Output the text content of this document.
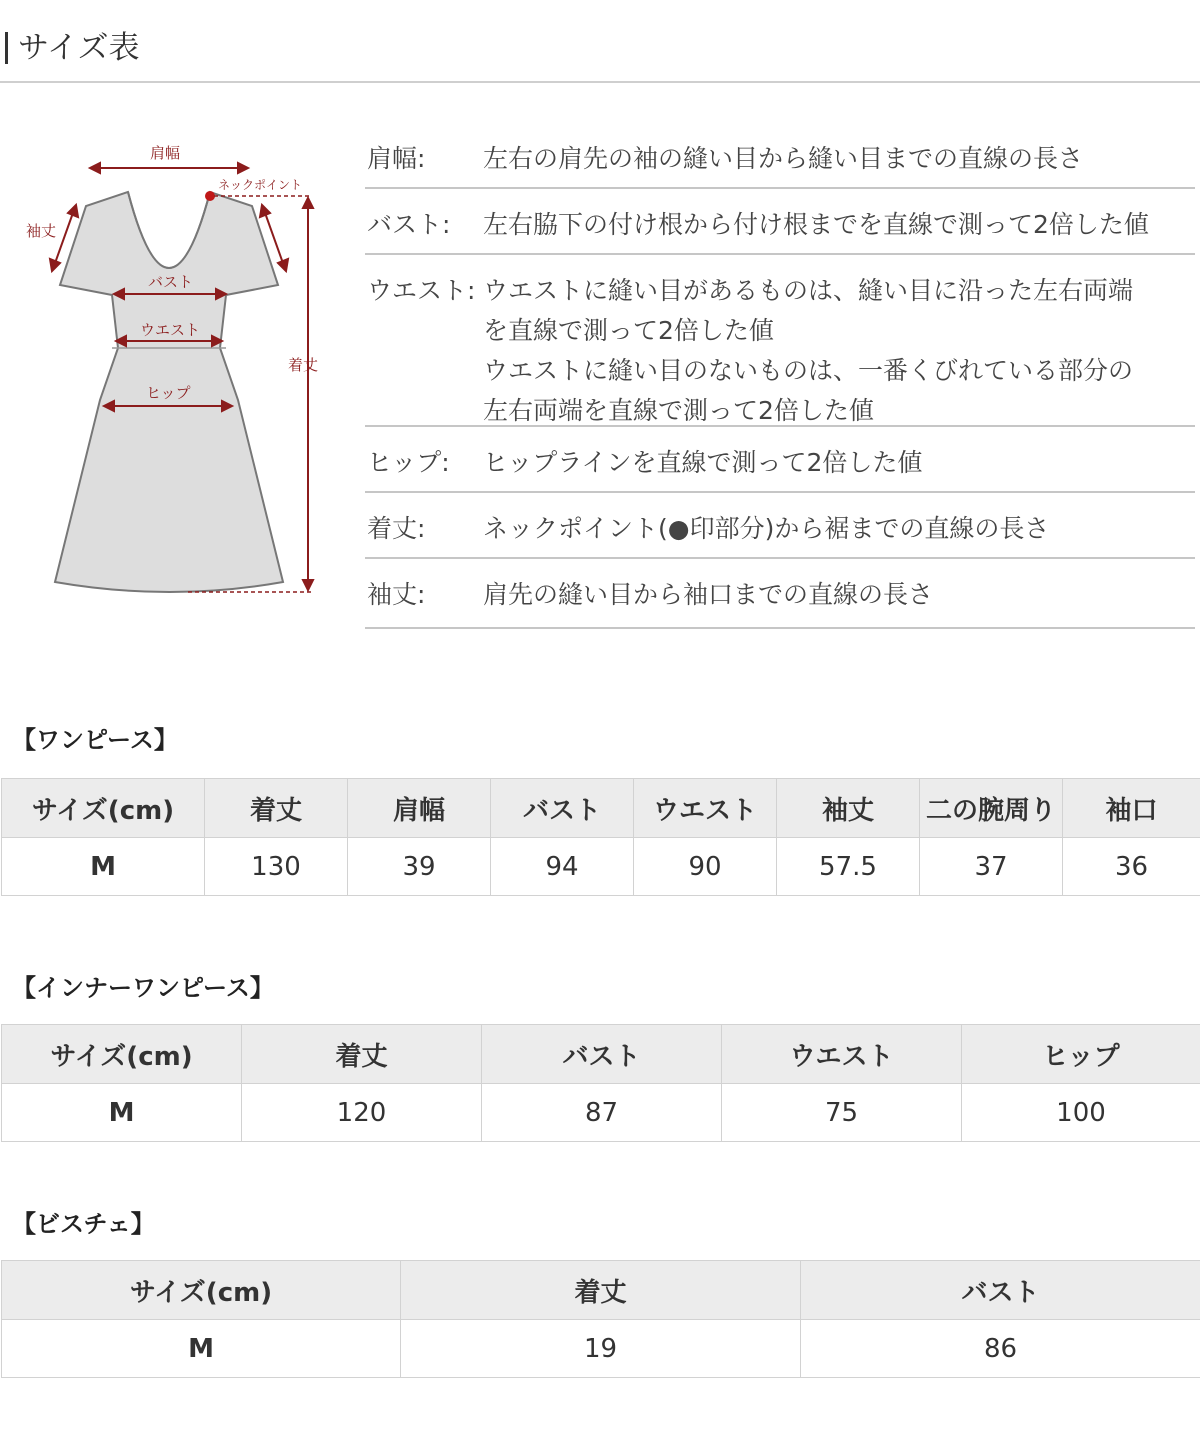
サイズ表
肩幅
ネックポイント
袖丈
バスト
ウエスト
ヒップ
着丈
肩幅: 左右の肩先の袖の縫い目から縫い目までの直線の長さ
バスト: 左右脇下の付け根から付け根までを直線で測って2倍した値
ウエスト: ウエストに縫い目があるものは、縫い目に沿った左右両端
を直線で測って2倍した値
ウエストに縫い目のないものは、一番くびれている部分の
左右両端を直線で測って2倍した値
ヒップ: ヒップラインを直線で測って2倍した値
着丈: ネックポイント(●印部分)から裾までの直線の長さ
袖丈: 肩先の縫い目から袖口までの直線の長さ
【ワンピース】
サイズ(cm)	着丈	肩幅	バスト	ウエスト	袖丈	二の腕周り	袖口
M	130	39	94	90	57.5	37	36
【インナーワンピース】
サイズ(cm)	着丈	バスト	ウエスト	ヒップ
M	120	87	75	100
【ビスチェ】
サイズ(cm)	着丈	バスト
M	19	86
